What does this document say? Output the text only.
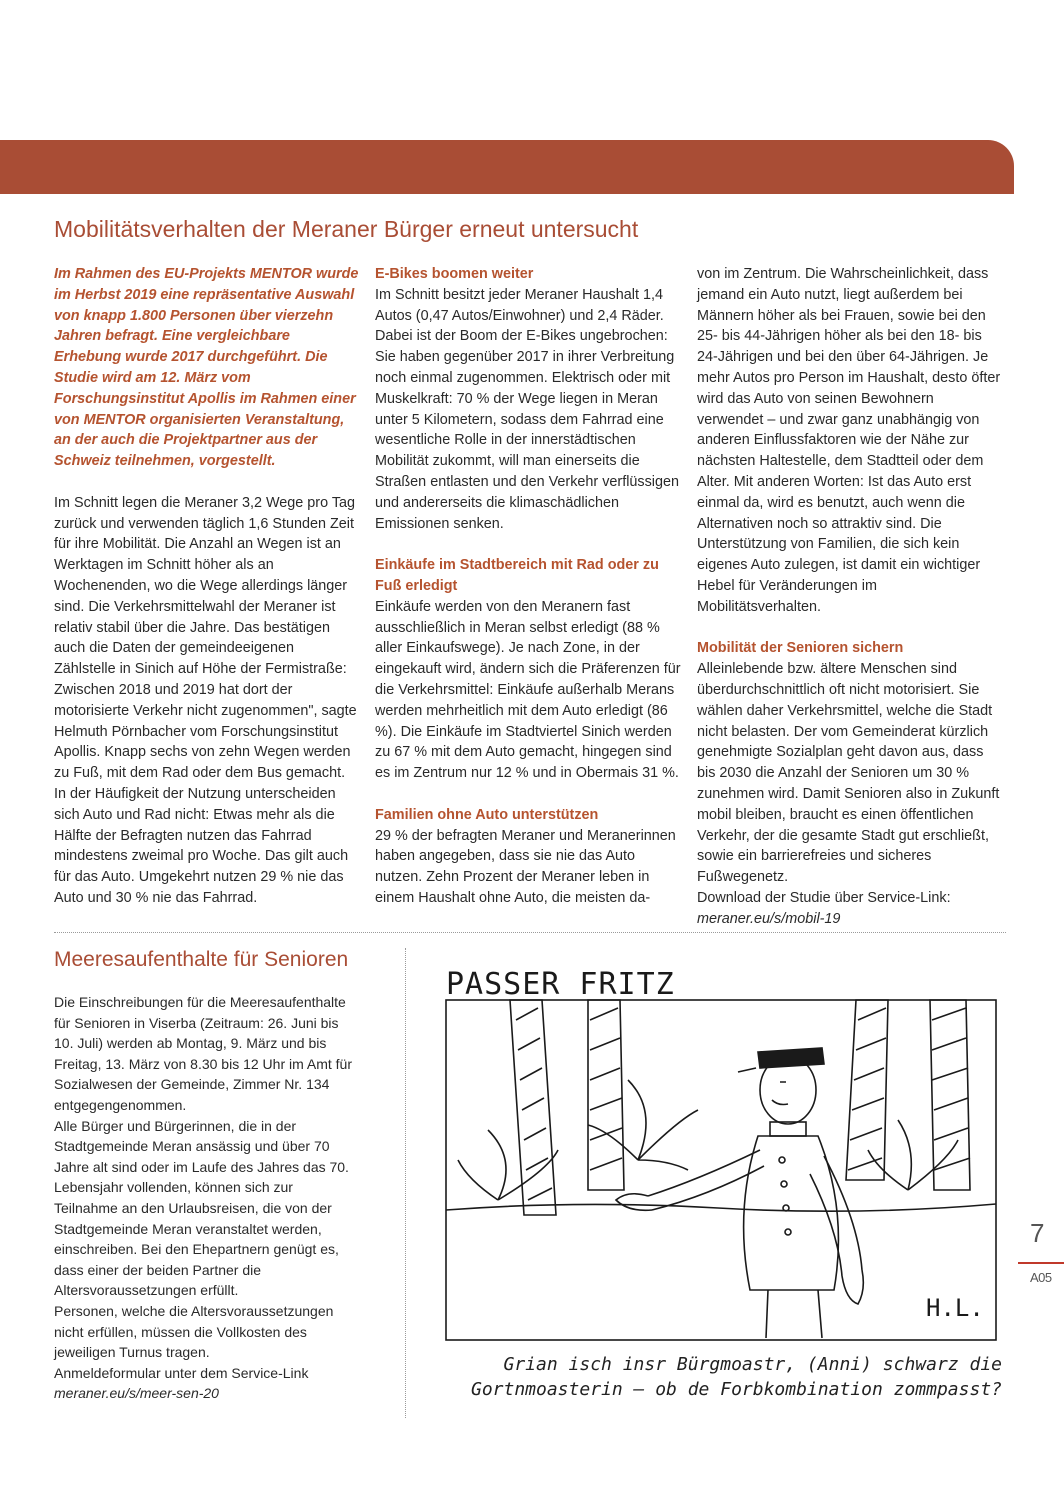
Mobilitätsverhalten der Meraner Bürger erneut untersucht

Im Rahmen des EU-Projekts MENTOR wurde im Herbst 2019 eine repräsentative Auswahl von knapp 1.800 Personen über vierzehn Jahren befragt. Eine vergleichbare Erhebung wurde 2017 durchgeführt. Die Studie wird am 12. März vom Forschungsinstitut Apollis im Rahmen einer von MENTOR organisierten Veranstaltung, an der auch die Projektpartner aus der Schweiz teilnehmen, vorgestellt.

Im Schnitt legen die Meraner 3,2 Wege pro Tag zurück und verwenden täglich 1,6 Stunden Zeit für ihre Mobilität. Die Anzahl an Wegen ist an Werktagen im Schnitt höher als an Wochenenden, wo die Wege allerdings länger sind. Die Verkehrsmittelwahl der Meraner ist relativ stabil über die Jahre. Das bestätigen auch die Daten der gemeindeeigenen Zählstelle in Sinich auf Höhe der Fermistraße: Zwischen 2018 und 2019 hat dort der motorisierte Verkehr nicht zugenommen", sagte Helmuth Pörnbacher vom Forschungsinstitut Apollis. Knapp sechs von zehn Wegen werden zu Fuß, mit dem Rad oder dem Bus gemacht. In der Häufigkeit der Nutzung unterscheiden sich Auto und Rad nicht: Etwas mehr als die Hälfte der Befragten nutzen das Fahrrad mindestens zweimal pro Woche. Das gilt auch für das Auto. Umgekehrt nutzen 29 % nie das Auto und 30 % nie das Fahrrad.

E-Bikes boomen weiter

Im Schnitt besitzt jeder Meraner Haushalt 1,4 Autos (0,47 Autos/Einwohner) und 2,4 Räder. Dabei ist der Boom der E-Bikes ungebrochen: Sie haben gegenüber 2017 in ihrer Verbreitung noch einmal zugenommen. Elektrisch oder mit Muskelkraft: 70 % der Wege liegen in Meran unter 5 Kilometern, sodass dem Fahrrad eine wesentliche Rolle in der innerstädtischen Mobilität zukommt, will man einerseits die Straßen entlasten und den Verkehr verflüssigen und andererseits die klimaschädlichen Emissionen senken.

Einkäufe im Stadtbereich mit Rad oder zu Fuß erledigt

Einkäufe werden von den Meranern fast ausschließlich in Meran selbst erledigt (88 % aller Einkaufswege). Je nach Zone, in der eingekauft wird, ändern sich die Präferenzen für die Verkehrsmittel: Einkäufe außerhalb Merans werden mehrheitlich mit dem Auto erledigt (86 %). Die Einkäufe im Stadtviertel Sinich werden zu 67 % mit dem Auto gemacht, hingegen sind es im Zentrum nur 12 % und in Obermais 31 %.

Familien ohne Auto unterstützen

29 % der befragten Meraner und Meranerinnen haben angegeben, dass sie nie das Auto nutzen. Zehn Prozent der Meraner leben in einem Haushalt ohne Auto, die meisten da-

von im Zentrum. Die Wahrscheinlichkeit, dass jemand ein Auto nutzt, liegt außerdem bei Männern höher als bei Frauen, sowie bei den 25- bis 44-Jährigen höher als bei den 18- bis 24-Jährigen und bei den über 64-Jährigen. Je mehr Autos pro Person im Haushalt, desto öfter wird das Auto von seinen Bewohnern verwendet – und zwar ganz unabhängig von anderen Einflussfaktoren wie der Nähe zur nächsten Haltestelle, dem Stadtteil oder dem Alter. Mit anderen Worten: Ist das Auto erst einmal da, wird es benutzt, auch wenn die Alternativen noch so attraktiv sind. Die Unterstützung von Familien, die sich kein eigenes Auto zulegen, ist damit ein wichtiger Hebel für Veränderungen im Mobilitätsverhalten.

Mobilität der Senioren sichern

Alleinlebende bzw. ältere Menschen sind überdurchschnittlich oft nicht motorisiert. Sie wählen daher Verkehrsmittel, welche die Stadt nicht belasten. Der vom Gemeinderat kürzlich genehmigte Sozialplan geht davon aus, dass bis 2030 die Anzahl der Senioren um 30 % zunehmen wird. Damit Senioren also in Zukunft mobil bleiben, braucht es einen öffentlichen Verkehr, der die gesamte Stadt gut erschließt, sowie ein barrierefreies und sicheres Fußwegenetz.

Download der Studie über Service-Link:

meraner.eu/s/mobil-19

Meeresaufenthalte für Senioren

Die Einschreibungen für die Meeresaufenthalte für Senioren in Viserba (Zeitraum: 26. Juni bis 10. Juli) werden ab Montag, 9. März und bis Freitag, 13. März von 8.30 bis 12 Uhr im Amt für Sozialwesen der Gemeinde, Zimmer Nr. 134 entgegengenommen.

Alle Bürger und Bürgerinnen, die in der Stadtgemeinde Meran ansässig und über 70 Jahre alt sind oder im Laufe des Jahres das 70. Lebensjahr vollenden, können sich zur Teilnahme an den Urlaubsreisen, die von der Stadtgemeinde Meran veranstaltet werden, einschreiben. Bei den Ehepartnern genügt es, dass einer der beiden Partner die Altersvoraussetzungen erfüllt.

Personen, welche die Altersvoraussetzungen nicht erfüllen, müssen die Vollkosten des jeweiligen Turnus tragen.

Anmeldeformular unter dem Service-Link

meraner.eu/s/meer-sen-20

PASSER FRITZ
H.L.
Grian isch insr Bürgmoastr, (Anni) schwarz die
Gortnmoasterin – ob de Forbkombination zommpasst?
7
A05
